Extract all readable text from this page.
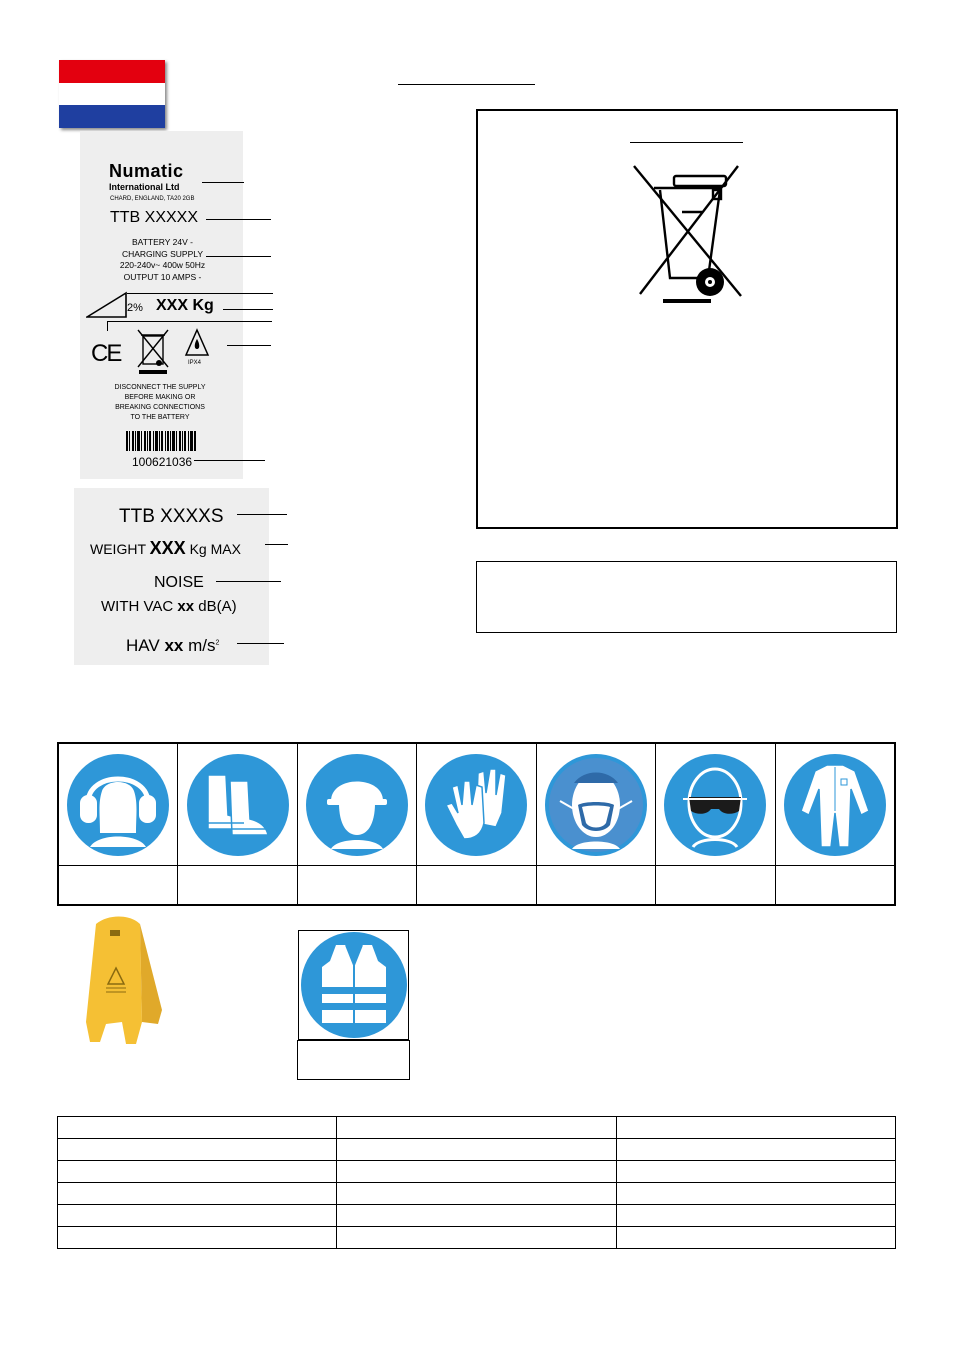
Numatic
International Ltd
CHARD, ENGLAND, TA20 2GB
TTB XXXXX
BATTERY 24V -
CHARGING SUPPLY
220-240v~ 400w 50Hz
OUTPUT 10 AMPS -
2% XXX Kg
CE	IPX4
DISCONNECT THE SUPPLY
BEFORE MAKING OR
BREAKING CONNECTIONS
TO THE BATTERY
100621036
TTB XXXXS
WEIGHT XXX Kg MAX
NOISE
WITH VAC xx dB(A)
HAV xx $m/s^2$
